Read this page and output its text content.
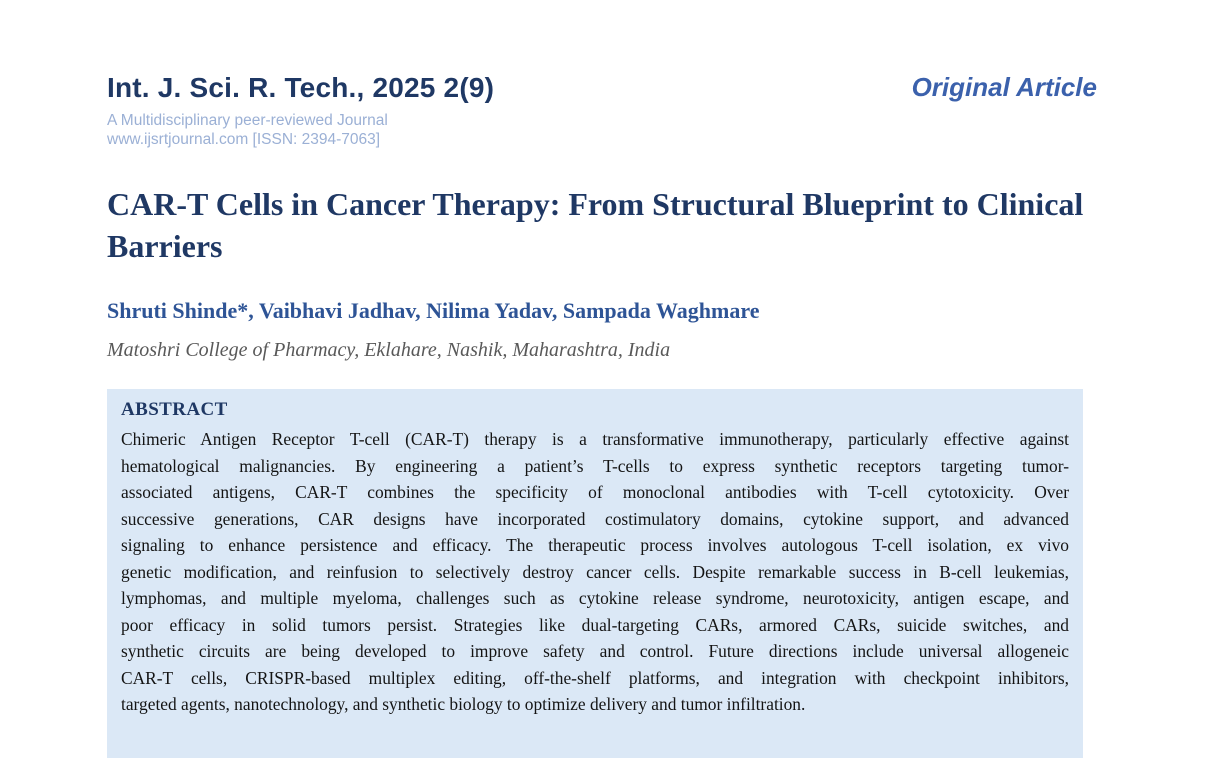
Int. J. Sci. R. Tech., 2025 2(9)
A Multidisciplinary peer-reviewed Journal
www.ijsrtjournal.com [ISSN: 2394-7063]
Original Article
CAR-T Cells in Cancer Therapy: From Structural Blueprint to Clinical Barriers
Shruti Shinde*, Vaibhavi Jadhav, Nilima Yadav, Sampada Waghmare
Matoshri College of Pharmacy, Eklahare, Nashik, Maharashtra, India
ABSTRACT
Chimeric Antigen Receptor T-cell (CAR-T) therapy is a transformative immunotherapy, particularly effective against
hematological malignancies. By engineering a patient’s T-cells to express synthetic receptors targeting tumor-
associated antigens, CAR-T combines the specificity of monoclonal antibodies with T-cell cytotoxicity. Over
successive generations, CAR designs have incorporated costimulatory domains, cytokine support, and advanced
signaling to enhance persistence and efficacy. The therapeutic process involves autologous T-cell isolation, ex vivo
genetic modification, and reinfusion to selectively destroy cancer cells. Despite remarkable success in B-cell leukemias,
lymphomas, and multiple myeloma, challenges such as cytokine release syndrome, neurotoxicity, antigen escape, and
poor efficacy in solid tumors persist. Strategies like dual-targeting CARs, armored CARs, suicide switches, and
synthetic circuits are being developed to improve safety and control. Future directions include universal allogeneic
CAR-T cells, CRISPR-based multiplex editing, off-the-shelf platforms, and integration with checkpoint inhibitors,
targeted agents, nanotechnology, and synthetic biology to optimize delivery and tumor infiltration.
